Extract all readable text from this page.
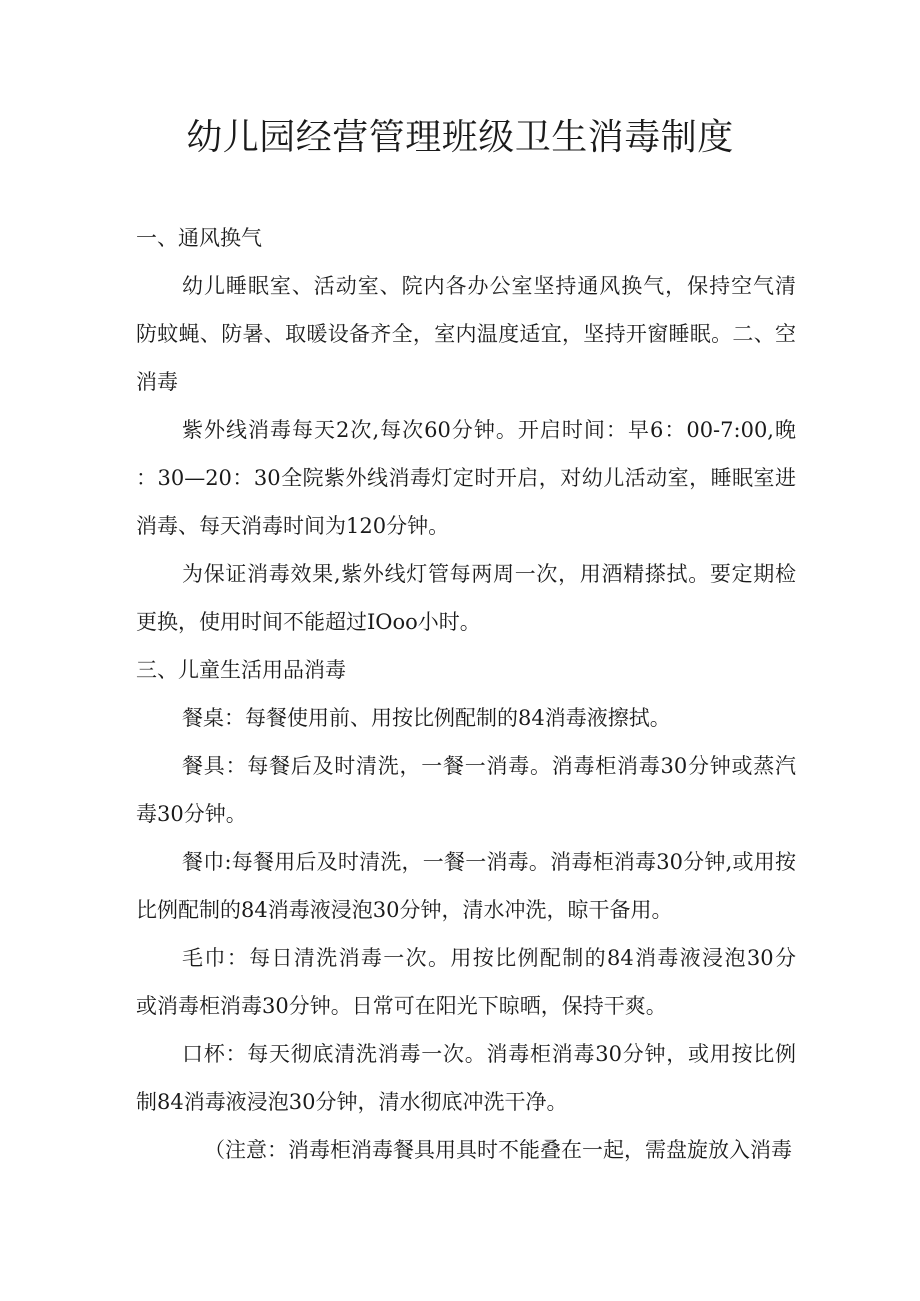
幼儿园经营管理班级卫生消毒制度
一、通风换气
幼儿睡眠室、活动室、院内各办公室坚持通风换气，保持空气清
防蚊蝇、防暑、取暖设备齐全，室内温度适宜，坚持开窗睡眠。二、空
消毒
紫外线消毒每天2次,每次60分钟。开启时间：早6：00-7:00,晚
：30—20：30全院紫外线消毒灯定时开启，对幼儿活动室，睡眠室进
消毒、每天消毒时间为120分钟。
为保证消毒效果,紫外线灯管每两周一次，用酒精搽拭。要定期检
更换，使用时间不能超过IOoo小时。
三、儿童生活用品消毒
餐桌：每餐使用前、用按比例配制的84消毒液擦拭。
餐具：每餐后及时清洗，一餐一消毒。消毒柜消毒30分钟或蒸汽
毒30分钟。
餐巾:每餐用后及时清洗，一餐一消毒。消毒柜消毒30分钟,或用按
比例配制的84消毒液浸泡30分钟，清水冲洗，晾干备用。
毛巾：每日清洗消毒一次。用按比例配制的84消毒液浸泡30分
或消毒柜消毒30分钟。日常可在阳光下晾晒，保持干爽。
口杯：每天彻底清洗消毒一次。消毒柜消毒30分钟，或用按比例
制84消毒液浸泡30分钟，清水彻底冲洗干净。
（注意：消毒柜消毒餐具用具时不能叠在一起，需盘旋放入消毒
